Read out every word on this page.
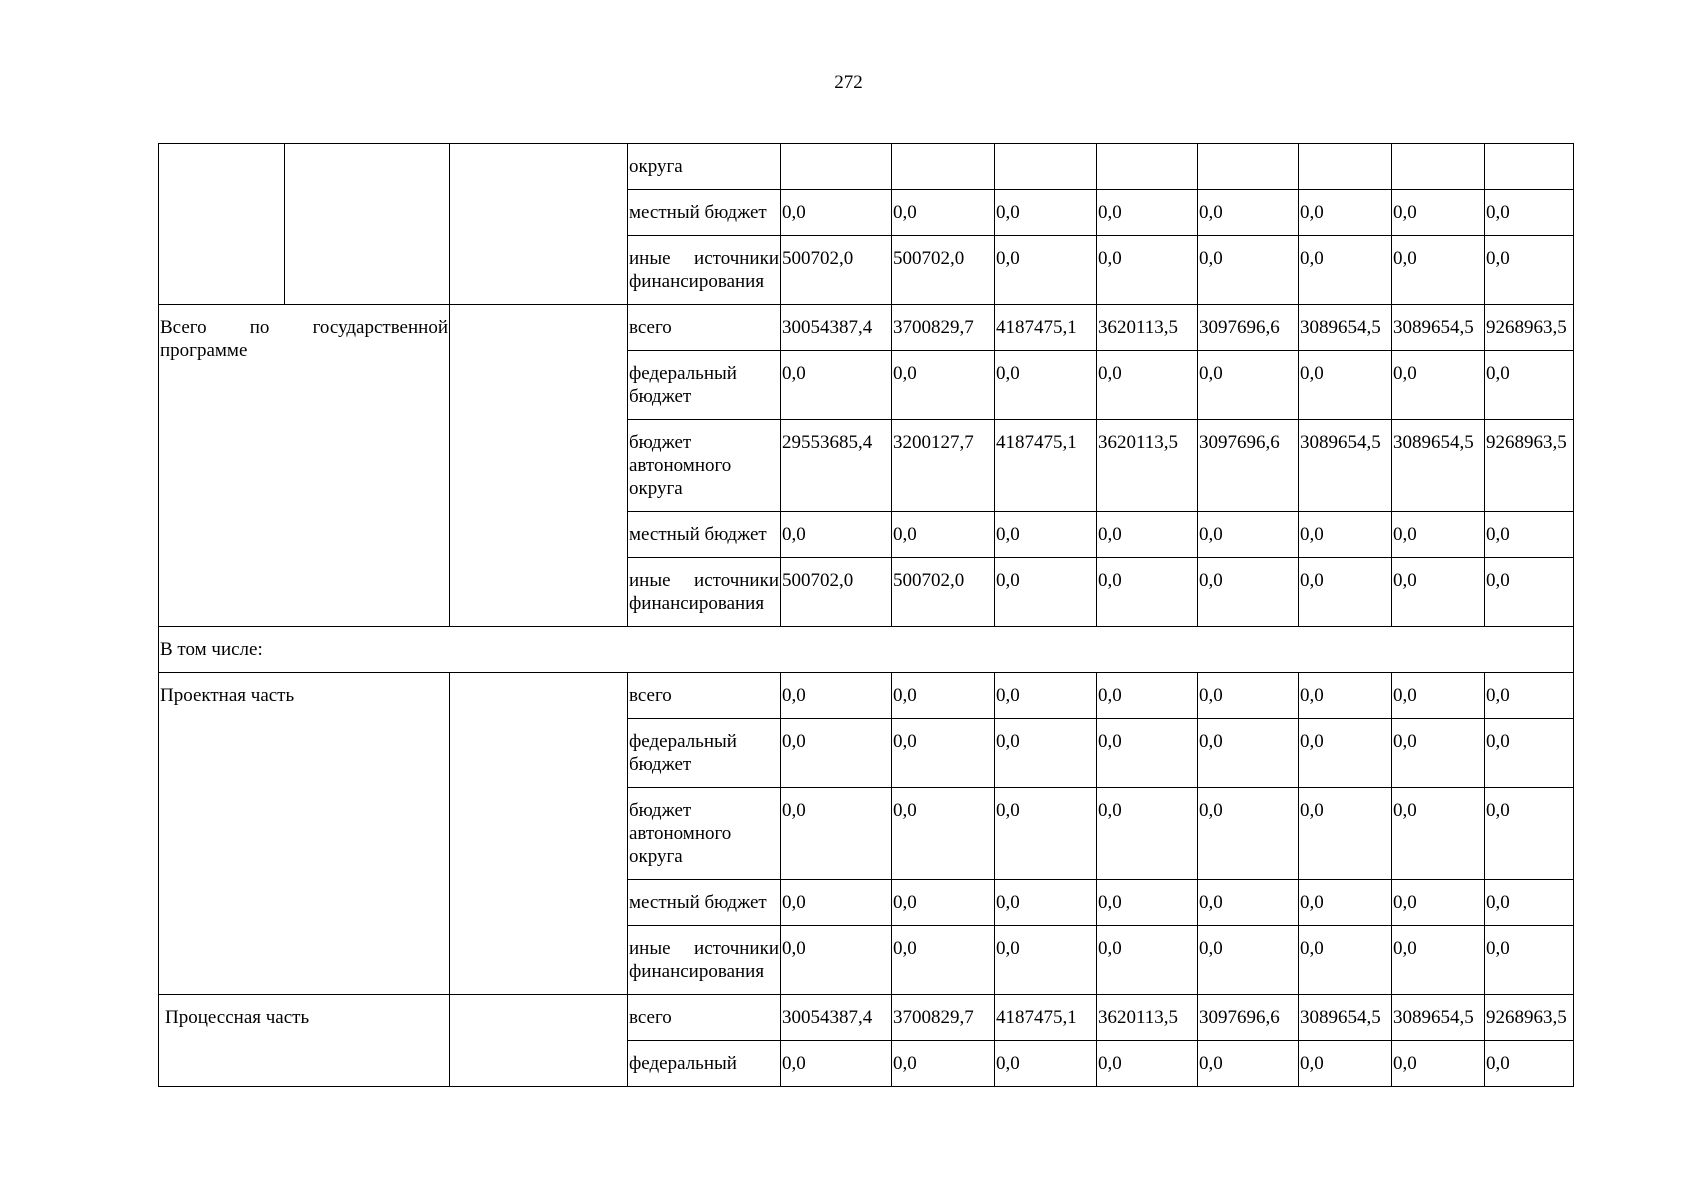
272
			округа								
			местный бюджет	0,0	0,0	0,0	0,0	0,0	0,0	0,0	0,0
			иные источники финансирования	500702,0	500702,0	0,0	0,0	0,0	0,0	0,0	0,0

Всего по государственной программе			всего	30054387,4	3700829,7	4187475,1	3620113,5	3097696,6	3089654,5	3089654,5	9268963,5
			федеральный бюджет	0,0	0,0	0,0	0,0	0,0	0,0	0,0	0,0
			бюджет автономного округа	29553685,4	3200127,7	4187475,1	3620113,5	3097696,6	3089654,5	3089654,5	9268963,5
			местный бюджет	0,0	0,0	0,0	0,0	0,0	0,0	0,0	0,0
			иные источники финансирования	500702,0	500702,0	0,0	0,0	0,0	0,0	0,0	0,0
В том числе:											
Проектная часть			всего	0,0	0,0	0,0	0,0	0,0	0,0	0,0	0,0
			федеральный бюджет	0,0	0,0	0,0	0,0	0,0	0,0	0,0	0,0
			бюджет автономного округа	0,0	0,0	0,0	0,0	0,0	0,0	0,0	0,0
			местный бюджет	0,0	0,0	0,0	0,0	0,0	0,0	0,0	0,0
			иные источники финансирования	0,0	0,0	0,0	0,0	0,0	0,0	0,0	0,0
Процессная часть			всего	30054387,4	3700829,7	4187475,1	3620113,5	3097696,6	3089654,5	3089654,5	9268963,5
			федеральный	0,0	0,0	0,0	0,0	0,0	0,0	0,0	0,0
